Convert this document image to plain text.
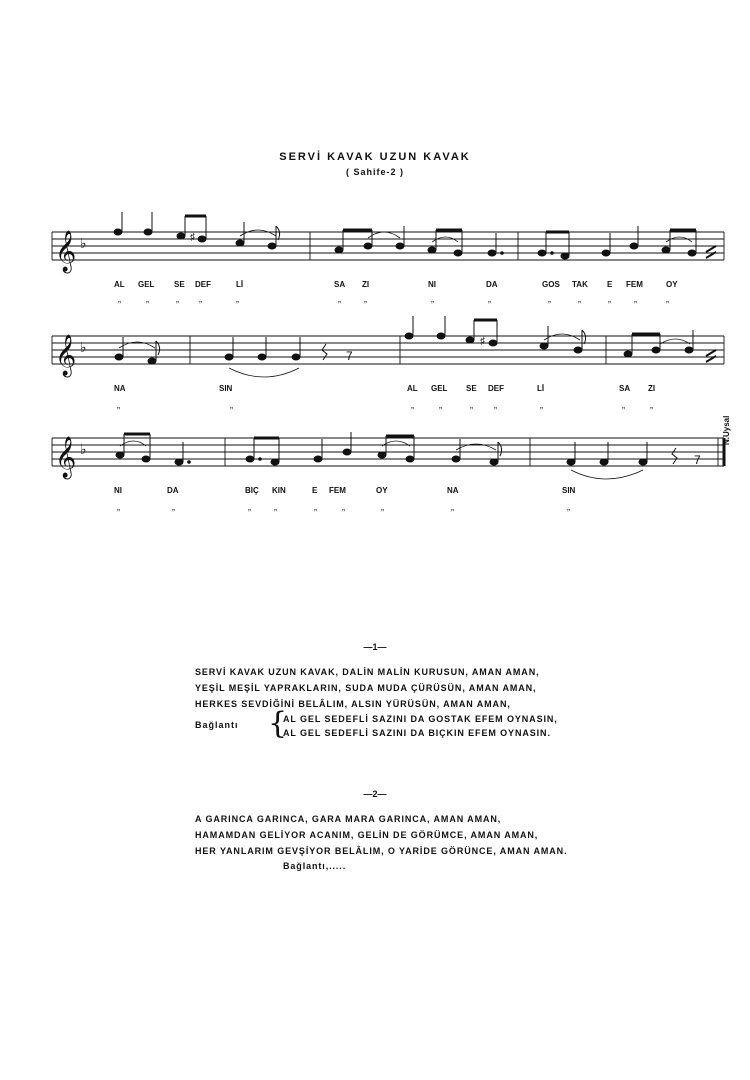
SERVİ KAVAK UZUN KAVAK
( Sahife-2 )
𝄞 ♭
𝄞 ♭
𝄞 ♭
♯
7
♯
7
„	„	„ „	„	„	„	„	„	„	„	„	„	„
„	„	„	„	„ „	„	„	„
„	„	„	„	„	„	„	„	„
AL GEL SE DEF	Lİ	SA ZI	NI	DA	GOS TAK E FEM	OY
NA	SIN	AL GEL SE DEF	Lİ	SA ZI
NI	DA	BIÇ KIN	E FEM	OY	NA	SIN
N.Uysal
—1—
SERVİ KAVAK UZUN KAVAK, DALİN MALİN KURUSUN, AMAN AMAN,
YEŞİL MEŞİL YAPRAKLARIN, SUDA MUDA ÇÜRÜSÜN, AMAN AMAN,
HERKES SEVDİĞİNİ BELÂLIM, ALSIN YÜRÜSÜN, AMAN AMAN,
Bağlantı {
AL GEL SEDEFLİ SAZINI DA GOSTAK EFEM OYNASIN,
AL GEL SEDEFLİ SAZINI DA BIÇKIN EFEM OYNASIN.
—2—
A GARINCA GARINCA, GARA MARA GARINCA, AMAN AMAN,
HAMAMDAN GELİYOR ACANIM, GELİN DE GÖRÜMCE, AMAN AMAN,
HER YANLARIM GEVŞİYOR BELÂLIM, O YARİDE GÖRÜNCE, AMAN AMAN.
Bağlantı,.....
